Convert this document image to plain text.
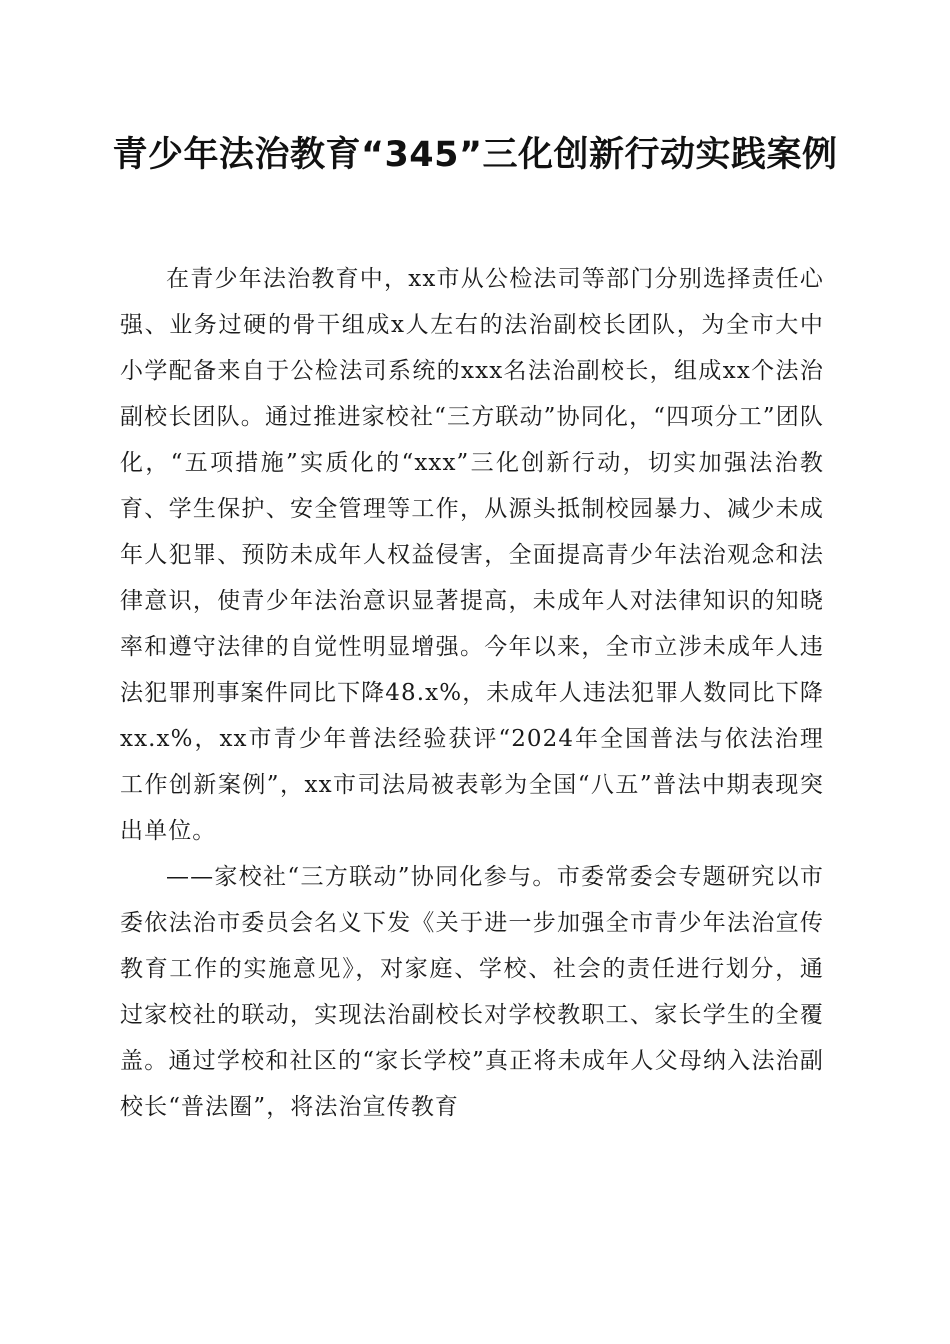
青少年法治教育“345”三化创新行动实践案例

在青少年法治教育中，xx市从公检法司等部门分别选择责任心强、业务过硬的骨干组成x人左右的法治副校长团队，为全市大中小学配备来自于公检法司系统的xxx名法治副校长，组成xx个法治副校长团队。通过推进家校社“三方联动”协同化，“四项分工”团队化，“五项措施”实质化的“xxx”三化创新行动，切实加强法治教育、学生保护、安全管理等工作，从源头抵制校园暴力、减少未成年人犯罪、预防未成年人权益侵害，全面提高青少年法治观念和法律意识，使青少年法治意识显著提高，未成年人对法律知识的知晓率和遵守法律的自觉性明显增强。今年以来，全市立涉未成年人违法犯罪刑事案件同比下降48.x%，未成年人违法犯罪人数同比下降xx.x%，xx市青少年普法经验获评“2024年全国普法与依法治理工作创新案例”，xx市司法局被表彰为全国“八五”普法中期表现突出单位。

——家校社“三方联动”协同化参与。市委常委会专题研究以市委依法治市委员会名义下发《关于进一步加强全市青少年法治宣传教育工作的实施意见》，对家庭、学校、社会的责任进行划分，通过家校社的联动，实现法治副校长对学校教职工、家长学生的全覆盖。通过学校和社区的“家长学校”真正将未成年人父母纳入法治副校长“普法圈”，将法治宣传教育
